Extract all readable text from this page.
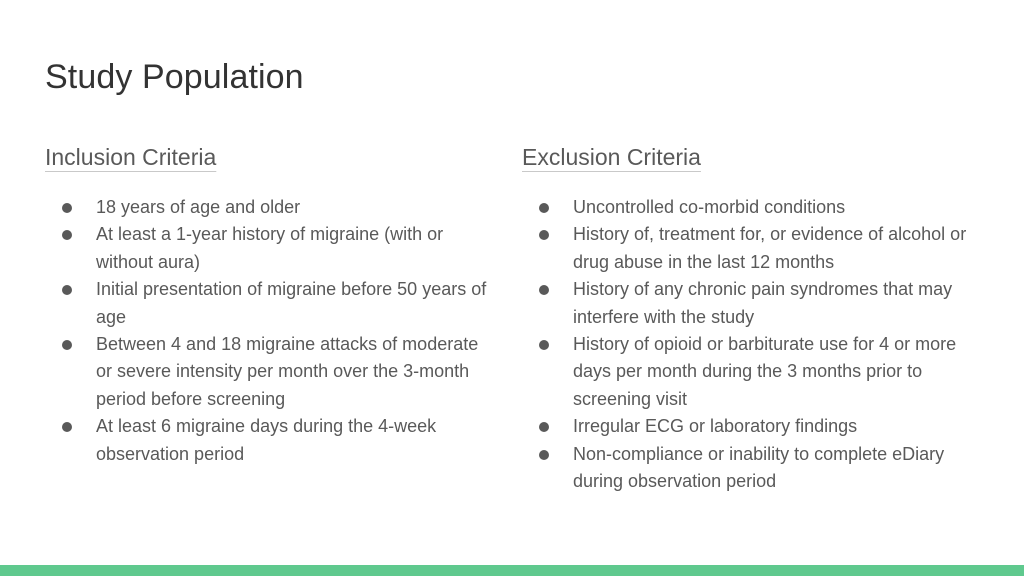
Study Population
Inclusion Criteria
18 years of age and older
At least a 1-year history of migraine (with or without aura)
Initial presentation of migraine before 50 years of age
Between 4 and 18 migraine attacks of moderate or severe intensity per month over the 3-month period before screening
At least 6 migraine days during the 4-week observation period
Exclusion Criteria
Uncontrolled co-morbid conditions
History of, treatment for, or evidence of alcohol or drug abuse in the last 12 months
History of any chronic pain syndromes that may interfere with the study
History of opioid or barbiturate use for 4 or more days per month during the 3 months prior to screening visit
Irregular ECG or laboratory findings
Non-compliance or inability to complete eDiary during observation period
